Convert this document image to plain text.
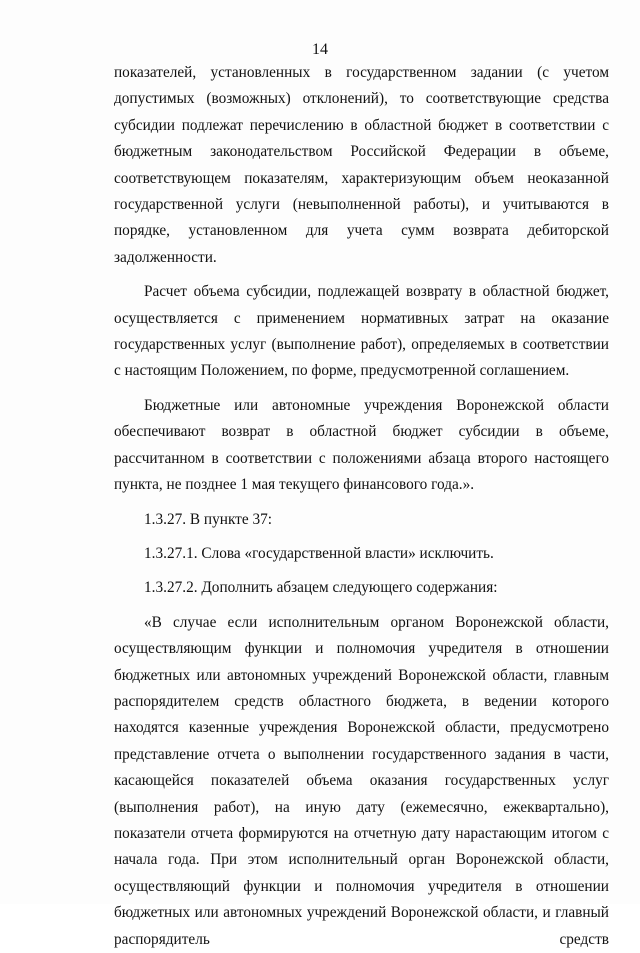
14

показателей, установленных в государственном задании (с учетом допустимых (возможных) отклонений), то соответствующие средства субсидии подлежат перечислению в областной бюджет в соответствии с бюджетным законодательством Российской Федерации в объеме, соответствующем показателям, характеризующим объем неоказанной государственной услуги (невыполненной работы), и учитываются в порядке, установленном для учета сумм возврата дебиторской задолженности.

Расчет объема субсидии, подлежащей возврату в областной бюджет, осуществляется с применением нормативных затрат на оказание государственных услуг (выполнение работ), определяемых в соответствии с настоящим Положением, по форме, предусмотренной соглашением.

Бюджетные или автономные учреждения Воронежской области обеспечивают возврат в областной бюджет субсидии в объеме, рассчитанном в соответствии с положениями абзаца второго настоящего пункта, не позднее 1 мая текущего финансового года.».

1.3.27. В пункте 37:

1.3.27.1. Слова «государственной власти» исключить.

1.3.27.2. Дополнить абзацем следующего содержания:

«В случае если исполнительным органом Воронежской области, осуществляющим функции и полномочия учредителя в отношении бюджетных или автономных учреждений Воронежской области, главным распорядителем средств областного бюджета, в ведении которого находятся казенные учреждения Воронежской области, предусмотрено представление отчета о выполнении государственного задания в части, касающейся показателей объема оказания государственных услуг (выполнения работ), на иную дату (ежемесячно, ежеквартально), показатели отчета формируются на отчетную дату нарастающим итогом с начала года. При этом исполнительный орган Воронежской области, осуществляющий функции и полномочия учредителя в отношении бюджетных или автономных учреждений Воронежской области, и главный распорядитель средств
